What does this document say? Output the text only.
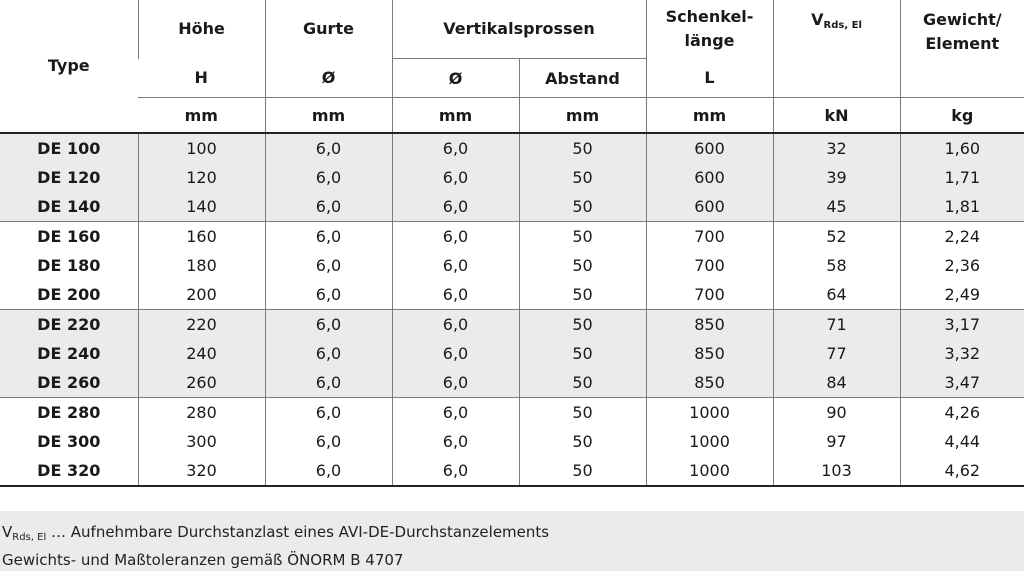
Type	Höhe	Gurte	Vertikalsprossen		Schenkel-
länge	$V_{Rds, El}$	Gewicht/
Element
	H	Ø	Ø	Abstand	L		
	mm	mm	mm	mm	mm	kN	kg
DE 100	100	6,0	6,0	50	600	32	1,60
DE 120	120	6,0	6,0	50	600	39	1,71
DE 140	140	6,0	6,0	50	600	45	1,81
DE 160	160	6,0	6,0	50	700	52	2,24
DE 180	180	6,0	6,0	50	700	58	2,36
DE 200	200	6,0	6,0	50	700	64	2,49
DE 220	220	6,0	6,0	50	850	71	3,17
DE 240	240	6,0	6,0	50	850	77	3,32
DE 260	260	6,0	6,0	50	850	84	3,47
DE 280	280	6,0	6,0	50	1000	90	4,26
DE 300	300	6,0	6,0	50	1000	97	4,44
DE 320	320	6,0	6,0	50	1000	103	4,62
$V_{Rds, El}$ … Aufnehmbare Durchstanzlast eines AVI-DE-Durchstanzelements
Gewichts- und Maßtoleranzen gemäß ÖNORM B 4707
